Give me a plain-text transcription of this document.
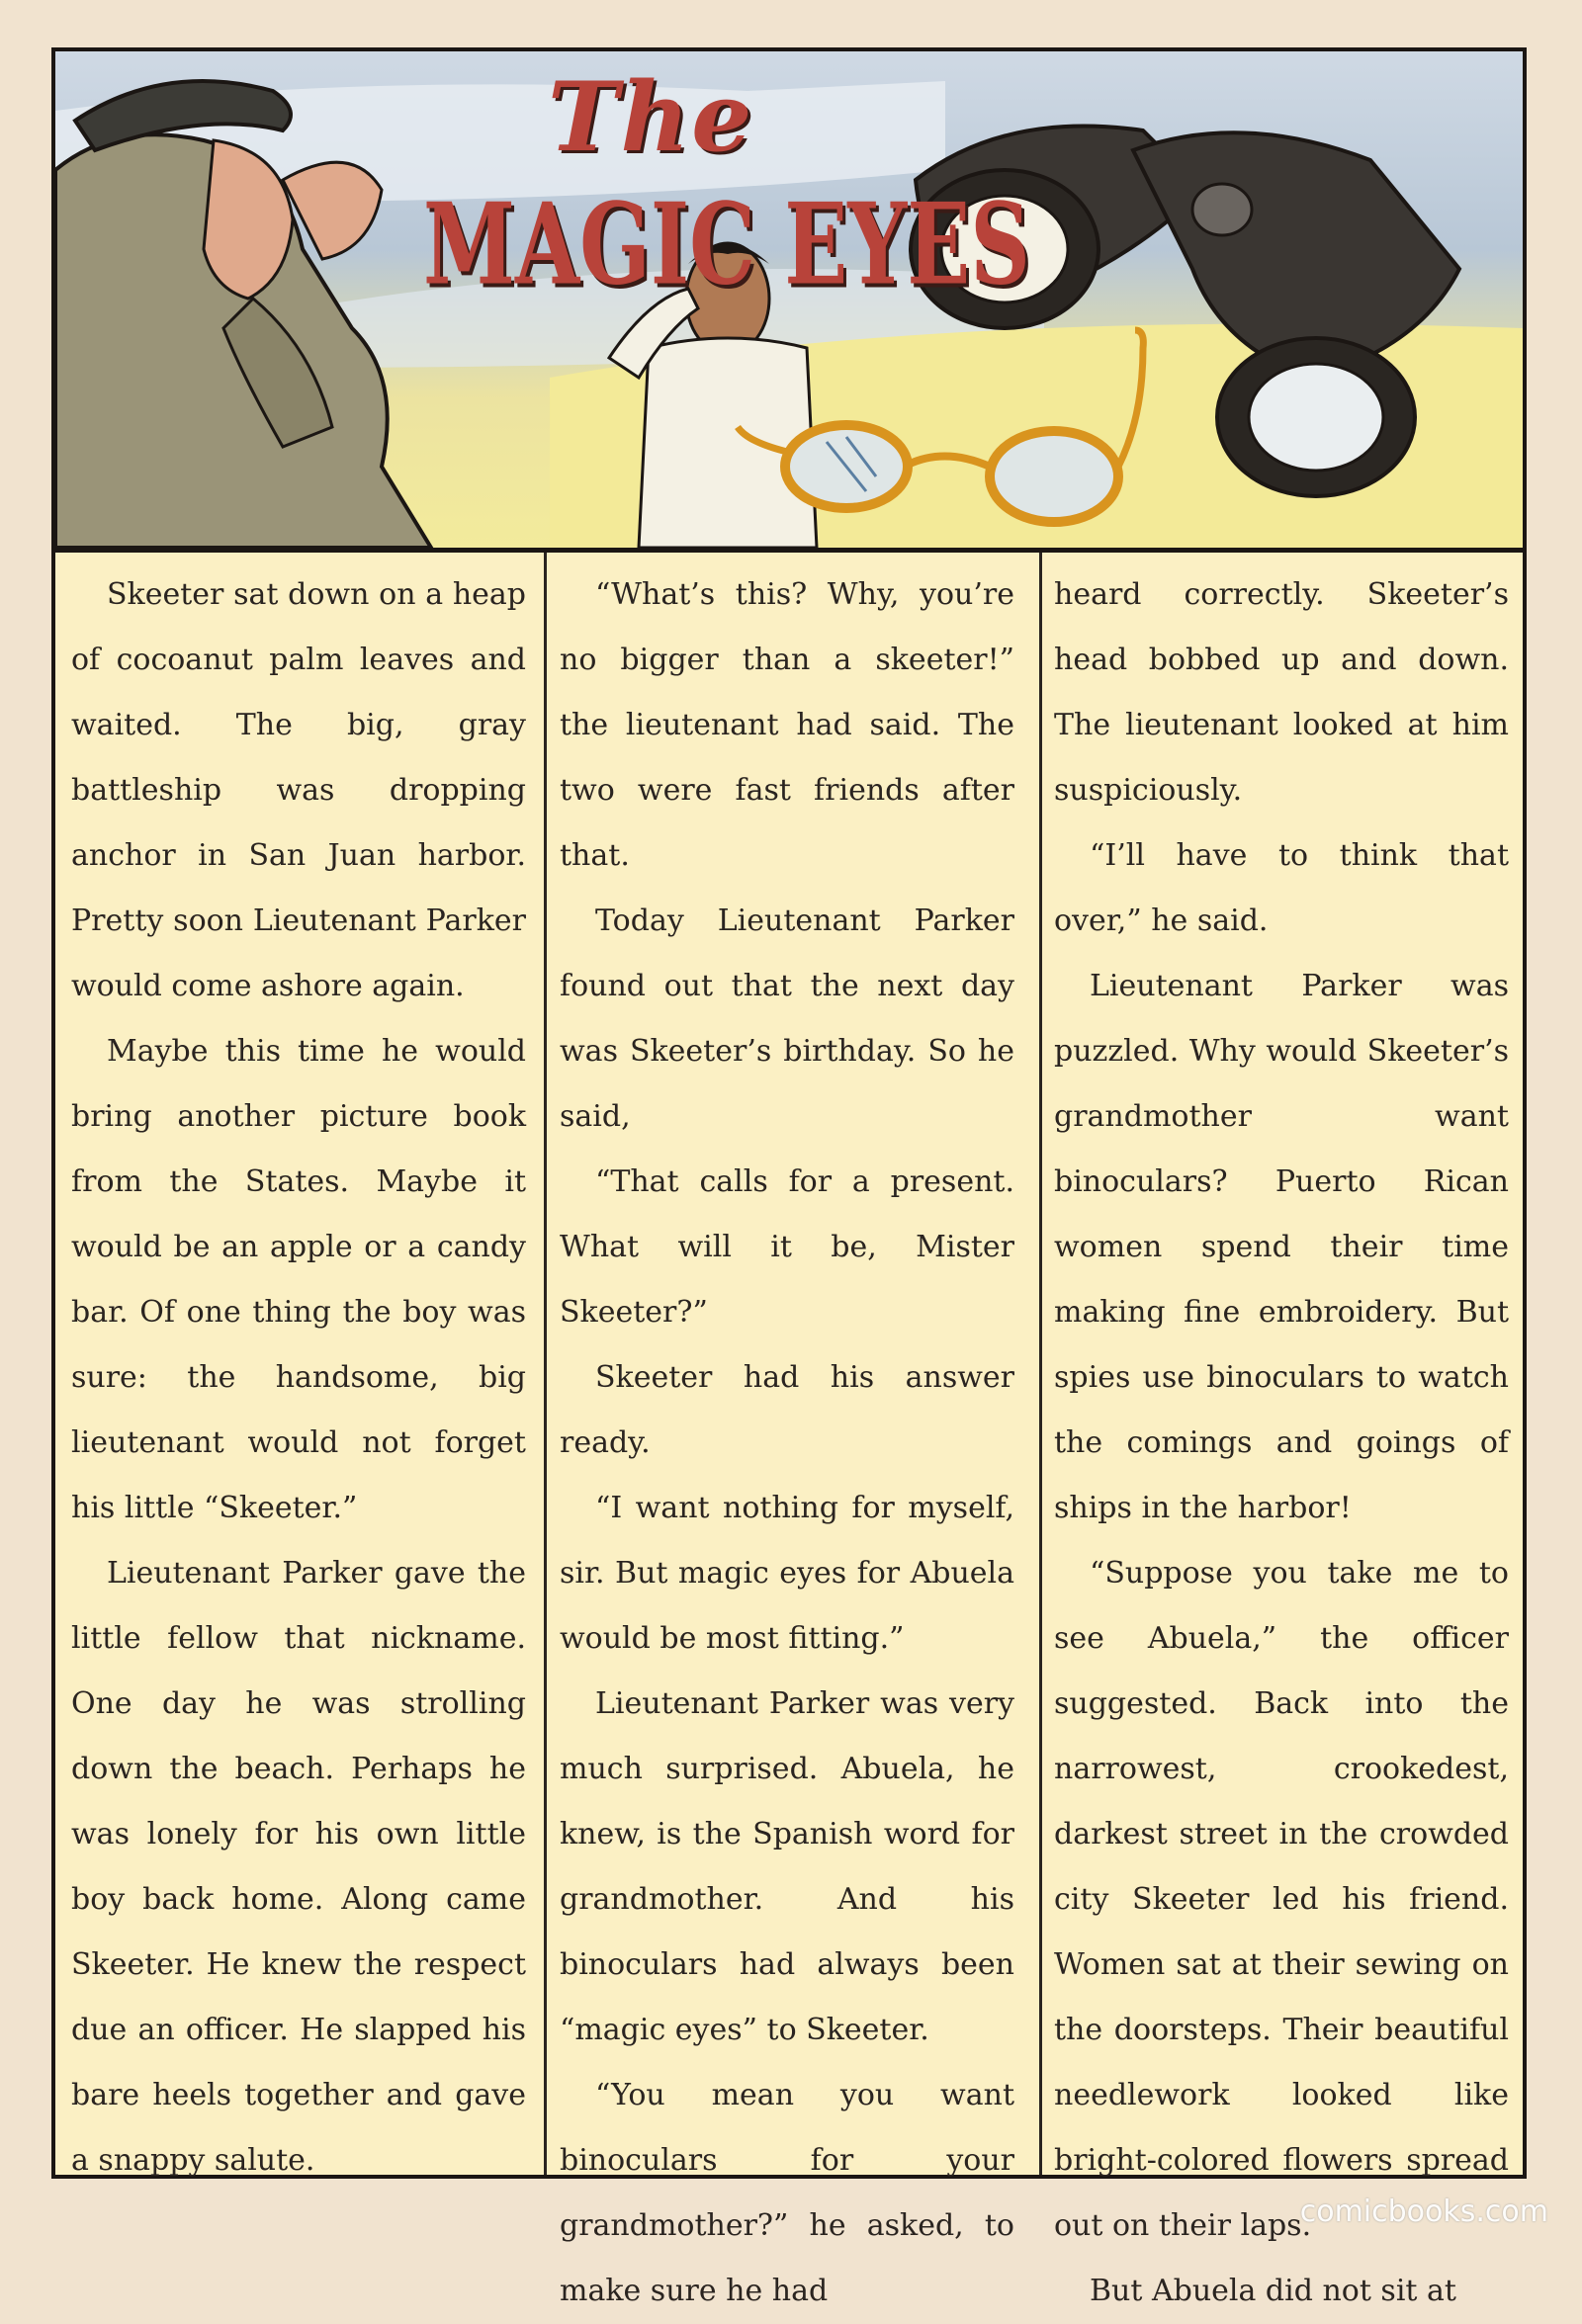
The
MAGIC EYES

Skeeter sat down on a heap of cocoanut palm leaves and waited. The big, gray battleship was dropping anchor in San Juan harbor. Pretty soon Lieutenant Parker would come ashore again.

Maybe this time he would bring another picture book from the States. Maybe it would be an apple or a candy bar. Of one thing the boy was sure: the handsome, big lieutenant would not forget his little “Skeeter.”

Lieutenant Parker gave the little fellow that nickname. One day he was strolling down the beach. Perhaps he was lonely for his own little boy back home. Along came Skeeter. He knew the respect due an officer. He slapped his bare heels together and gave a snappy salute.

“What’s this? Why, you’re no bigger than a skeeter!” the lieutenant had said. The two were fast friends after that.

Today Lieutenant Parker found out that the next day was Skeeter’s birthday. So he said,

“That calls for a present. What will it be, Mister Skeeter?”

Skeeter had his answer ready.

“I want nothing for myself, sir. But magic eyes for Abuela would be most fitting.”

Lieutenant Parker was very much surprised. Abuela, he knew, is the Spanish word for grandmother. And his binoculars had always been “magic eyes” to Skeeter.

“You mean you want binoculars for your grandmother?” he asked, to make sure he had

heard correctly. Skeeter’s head bobbed up and down. The lieutenant looked at him suspiciously.

“I’ll have to think that over,” he said.

Lieutenant Parker was puzzled. Why would Skeeter’s grandmother want binoculars? Puerto Rican women spend their time making fine embroidery. But spies use binoculars to watch the comings and goings of ships in the harbor!

“Suppose you take me to see Abuela,” the officer suggested. Back into the narrowest, crookedest, darkest street in the crowded city Skeeter led his friend. Women sat at their sewing on the doorsteps. Their beautiful needlework looked like bright-colored flowers spread out on their laps.

But Abuela did not sit at

comicbooks.com
